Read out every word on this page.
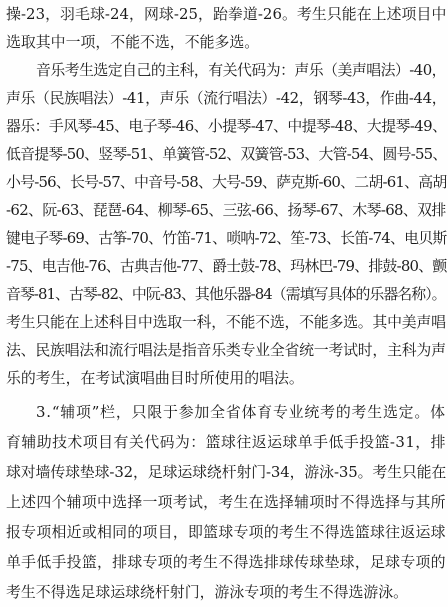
操-23，羽毛球-24，网球-25，跆拳道-26。考生只能在上述项目中
选取其中一项，不能不选，不能多选。
音乐考生选定自己的主科，有关代码为：声乐（美声唱法）-40，
声乐（民族唱法）-41，声乐（流行唱法）-42，钢琴-43，作曲-44，
器乐：手风琴-45、电子琴-46、小提琴-47、中提琴-48、大提琴-49、
低音提琴-50、竖琴-51、单簧管-52、双簧管-53、大管-54、圆号-55、
小号-56、长号-57、中音号-58、大号-59、萨克斯-60、二胡-61、高胡
-62、阮-63、琵琶-64、柳琴-65、三弦-66、扬琴-67、木琴-68、双排
键电子琴-69、古筝-70、竹笛-71、唢呐-72、笙-73、长笛-74、电贝斯
-75、电吉他-76、古典吉他-77、爵士鼓-78、玛林巴-79、排鼓-80、颤
音琴-81、古琴-82、中阮-83、其他乐器-84（需填写具体的乐器名称）。
考生只能在上述科目中选取一科，不能不选，不能多选。其中美声唱
法、民族唱法和流行唱法是指音乐类专业全省统一考试时，主科为声
乐的考生，在考试演唱曲目时所使用的唱法。
3.“辅项”栏，只限于参加全省体育专业统考的考生选定。体
育辅助技术项目有关代码为：篮球往返运球单手低手投篮-31，排
球对墙传球垫球-32，足球运球绕杆射门-34，游泳-35。考生只能在
上述四个辅项中选择一项考试，考生在选择辅项时不得选择与其所
报专项相近或相同的项目，即篮球专项的考生不得选篮球往返运球
单手低手投篮，排球专项的考生不得选排球传球垫球，足球专项的
考生不得选足球运球绕杆射门，游泳专项的考生不得选游泳。
